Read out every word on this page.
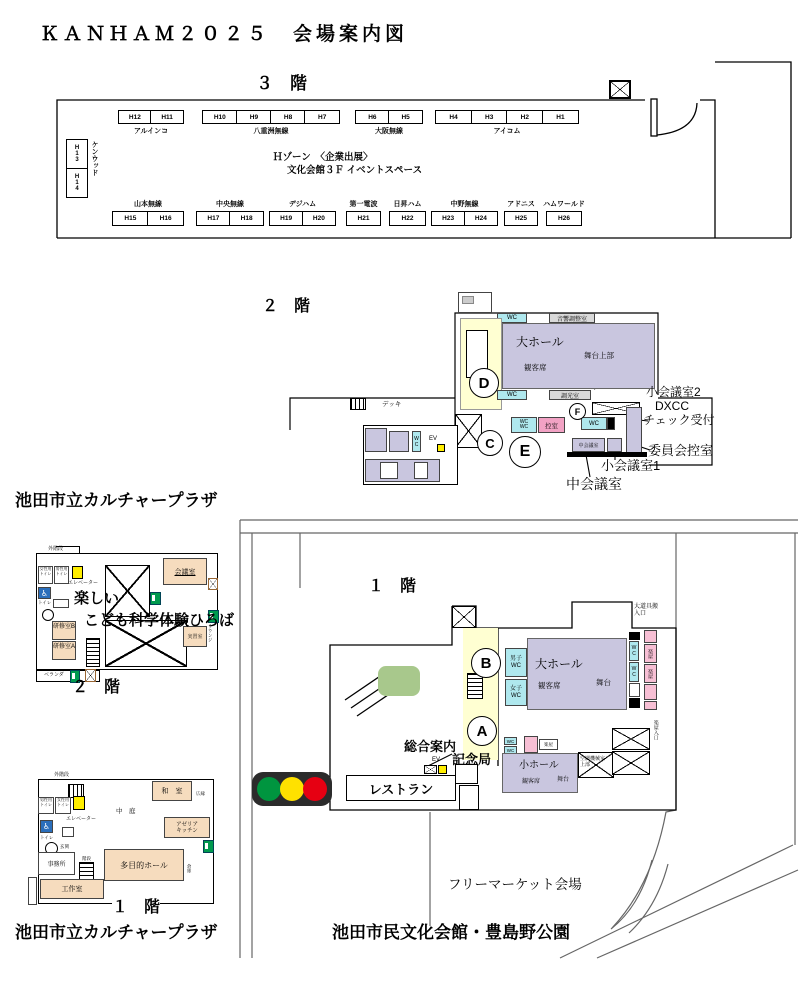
ＫＡＮＨＡＭ２０２５　会場案内図
３　階
H12	H11
アルインコ
H10	H9	H8	H7
八重洲無線
H6	H5
大阪無線
H4	H3	H2	H1
アイコム
H13
H14
ケンウッド	Ｈゾーン　〈企業出展〉
文化会館３Ｆ イベントスペース
山本無線
H15	H16
中央無線
H17	H18
デジハム
H19	H20
第一電波
H21
日昇ハム
H22
中野無線
H23	H24
アドニス
H25
ハムワールド
H26
２　階
WC	音響調整室
大ホール
観客席
舞台上部
WC	調光室
デッキ
D
C	E
F
WC
WC	控室	WC
中会議室
WC EV
小会議室2
DXCC
チェック受付
委員会控室
小会議室1
中会議室
池田市立カルチャープラザ
外階段
会議室
女性用トイレ
男性用トイレ
エレベーター
♿
トイレ
研修室B
研修室A
実習室	ラウンジ
ベランダ
楽しい
こども科学体験ひろば
２　階
１　階
B
A
男子WC
女子WC
大ホール
観客席	舞台
大道具搬入口
WC
WC
楽屋
楽屋
総合案内
記念局
EV
レストラン
WC
WC
楽屋
小ホール
観客席	舞台
空調機械室
上部
楽屋入口
フリーマーケット会場
外階段
男性用トイレ
女性用トイレ
エレベーター
♿
トイレ
玄関
事務所
階段
中　庭
和　室	広縁
アゼリア
キッチン
多目的ホール	倉庫
工作室
１　階
池田市立カルチャープラザ	池田市民文化会館・豊島野公園
